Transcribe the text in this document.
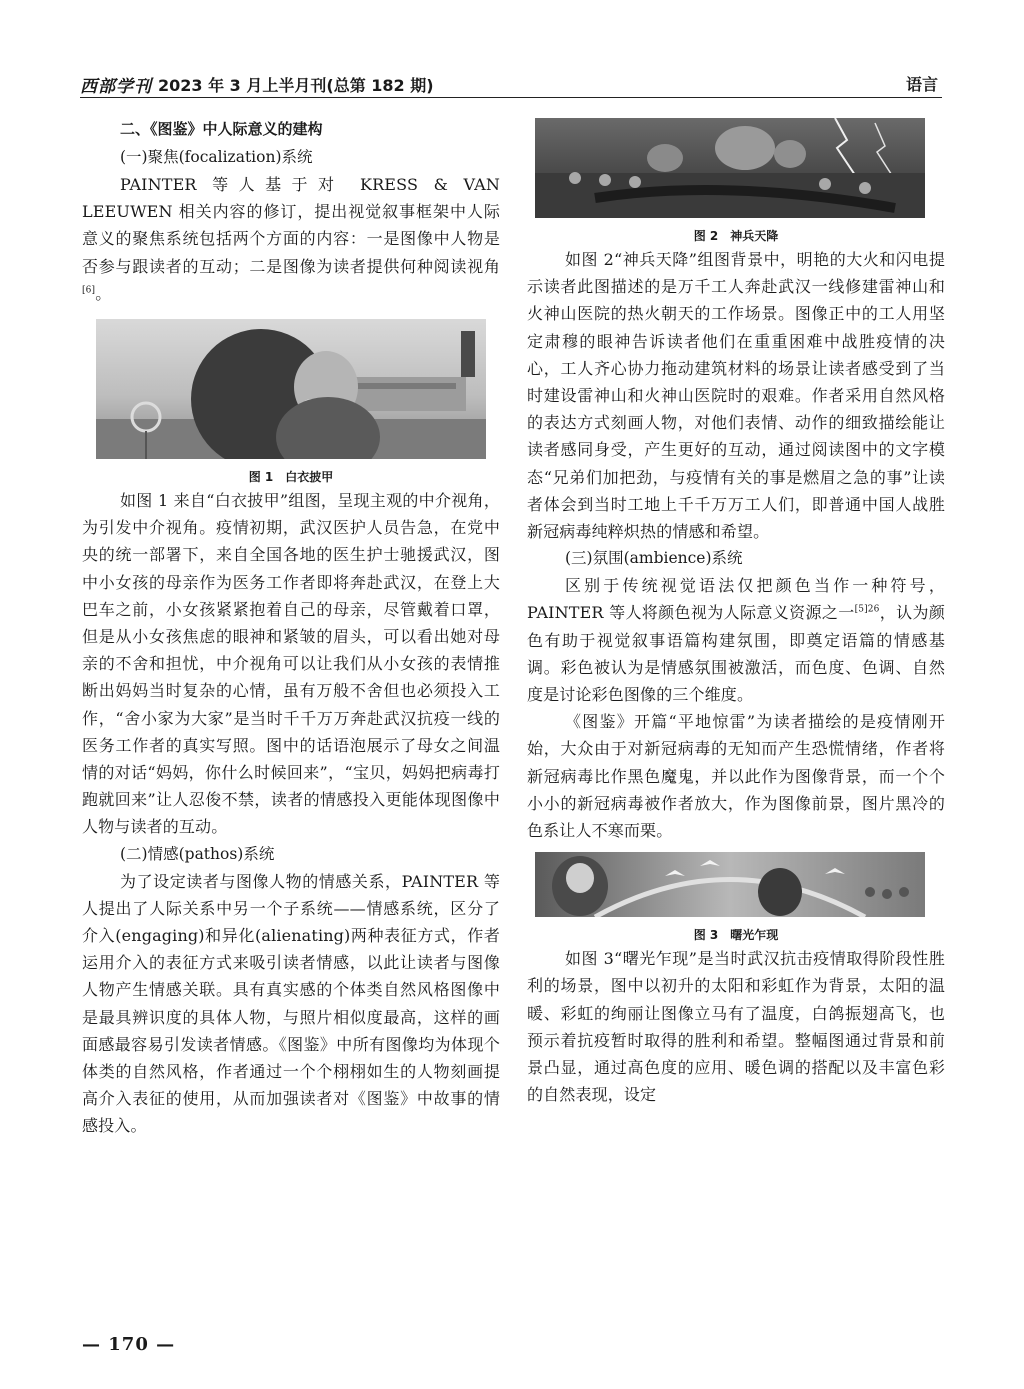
西部学刊 2023 年 3 月上半月刊(总第 182 期)	语言
二、《图鉴》中人际意义的建构
(一)聚焦(focalization)系统

PAINTER 等人基于对 KRESS & VAN LEEUWEN 相关内容的修订，提出视觉叙事框架中人际意义的聚焦系统包括两个方面的内容：一是图像中人物是否参与跟读者的互动；二是图像为读者提供何种阅读视角[6]。

图 1　白衣披甲

如图 1 来自“白衣披甲”组图，呈现主观的中介视角，为引发中介视角。疫情初期，武汉医护人员告急，在党中央的统一部署下，来自全国各地的医生护士驰援武汉，图中小女孩的母亲作为医务工作者即将奔赴武汉，在登上大巴车之前，小女孩紧紧抱着自己的母亲，尽管戴着口罩，但是从小女孩焦虑的眼神和紧皱的眉头，可以看出她对母亲的不舍和担忧，中介视角可以让我们从小女孩的表情推断出妈妈当时复杂的心情，虽有万般不舍但也必须投入工作，“舍小家为大家”是当时千千万万奔赴武汉抗疫一线的医务工作者的真实写照。图中的话语泡展示了母女之间温情的对话“妈妈，你什么时候回来”，“宝贝，妈妈把病毒打跑就回来”让人忍俊不禁，读者的情感投入更能体现图像中人物与读者的互动。

(二)情感(pathos)系统

为了设定读者与图像人物的情感关系，PAINTER 等人提出了人际关系中另一个子系统——情感系统，区分了介入(engaging)和异化(alienating)两种表征方式，作者运用介入的表征方式来吸引读者情感，以此让读者与图像人物产生情感关联。具有真实感的个体类自然风格图像中是最具辨识度的具体人物，与照片相似度最高，这样的画面感最容易引发读者情感。《图鉴》中所有图像均为体现个体类的自然风格，作者通过一个个栩栩如生的人物刻画提高介入表征的使用，从而加强读者对《图鉴》中故事的情感投入。

图 2　神兵天降

如图 2“神兵天降”组图背景中，明艳的大火和闪电提示读者此图描述的是万千工人奔赴武汉一线修建雷神山和火神山医院的热火朝天的工作场景。图像正中的工人用坚定肃穆的眼神告诉读者他们在重重困难中战胜疫情的决心，工人齐心协力拖动建筑材料的场景让读者感受到了当时建设雷神山和火神山医院时的艰难。作者采用自然风格的表达方式刻画人物，对他们表情、动作的细致描绘能让读者感同身受，产生更好的互动，通过阅读图中的文字模态“兄弟们加把劲，与疫情有关的事是燃眉之急的事”让读者体会到当时工地上千千万万工人们，即普通中国人战胜新冠病毒纯粹炽热的情感和希望。

(三)氛围(ambience)系统

区别于传统视觉语法仅把颜色当作一种符号，PAINTER 等人将颜色视为人际意义资源之一$^{[5]26}$，认为颜色有助于视觉叙事语篇构建氛围，即奠定语篇的情感基调。彩色被认为是情感氛围被激活，而色度、色调、自然度是讨论彩色图像的三个维度。

《图鉴》开篇“平地惊雷”为读者描绘的是疫情刚开始，大众由于对新冠病毒的无知而产生恐慌情绪，作者将新冠病毒比作黑色魔鬼，并以此作为图像背景，而一个个小小的新冠病毒被作者放大，作为图像前景，图片黑冷的色系让人不寒而栗。

图 3　曙光乍现

如图 3“曙光乍现”是当时武汉抗击疫情取得阶段性胜利的场景，图中以初升的太阳和彩虹作为背景，太阳的温暖、彩虹的绚丽让图像立马有了温度，白鸽振翅高飞，也预示着抗疫暂时取得的胜利和希望。整幅图通过背景和前景凸显，通过高色度的应用、暖色调的搭配以及丰富色彩的自然表现，设定

— 170 —
